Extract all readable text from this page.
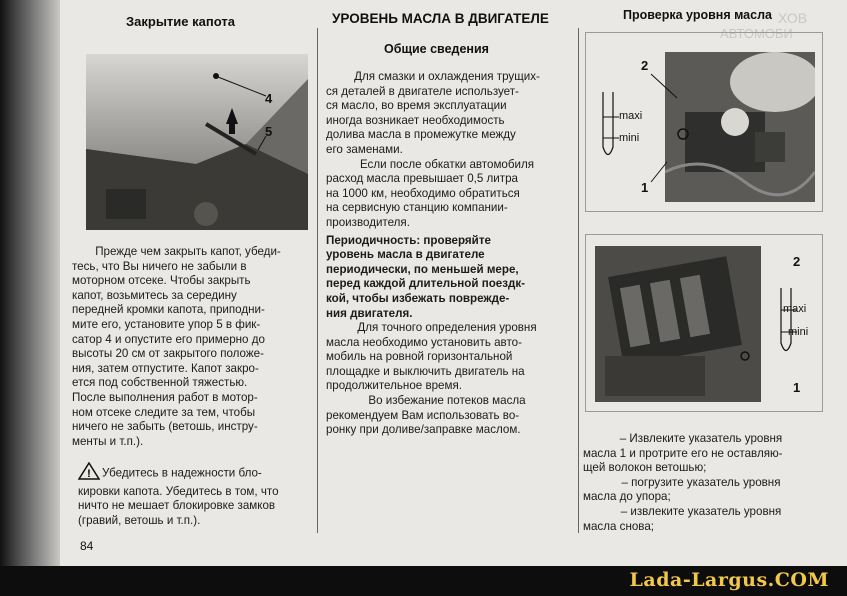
ХОВ
АВТОМОБИ
Закрытие капота
4
5

Прежде чем закрыть капот, убеди-

тесь, что Вы ничего не забыли в

моторном отсеке. Чтобы закрыть

капот, возьмитесь за середину

передней кромки капота, приподни-

мите его, установите упор 5 в фик-

сатор 4 и опустите его примерно до

высоты 20 см от закрытого положе-

ния, затем отпустите. Капот закро-

ется под собственной тяжестью.

После выполнения работ в мотор-

ном отсеке следите за тем, чтобы

ничего не забыть (ветошь, инстру-

менты и т.п.).

! Убедитесь в надежности бло-

кировки капота. Убедитесь в том, что

ничто не мешает блокировке замков

(гравий, ветошь и т.п.).

УРОВЕНЬ МАСЛА В ДВИГАТЕЛЕ
Общие сведения

Для смазки и охлаждения трущих-

ся деталей в двигателе использует-

ся масло, во время эксплуатации

иногда возникает необходимость

долива масла в промежутке между

его заменами.

Если после обкатки автомобиля

расход масла превышает 0,5 литра

на 1000 км, необходимо обратиться

на сервисную станцию компании-

производителя.

Периодичность: проверяйте

уровень масла в двигателе

периодически, по меньшей мере,

перед каждой длительной поездк-

кой, чтобы избежать поврежде-

ния двигателя.

Для точного определения уровня

масла необходимо установить авто-

мобиль на ровной горизонтальной

площадке и выключить двигатель на

продолжительное время.

Во избежание потеков масла

рекомендуем Вам использовать во-

ронку при доливе/заправке маслом.

Проверка уровня масла
maxi
mini
2
1
maxi
mini
2
1

– Извлеките указатель уровня

масла 1 и протрите его не оставляю-

щей волокон ветошью;

– погрузите указатель уровня

масла до упора;

– извлеките указатель уровня

масла снова;

84
Lada-Largus.COM
